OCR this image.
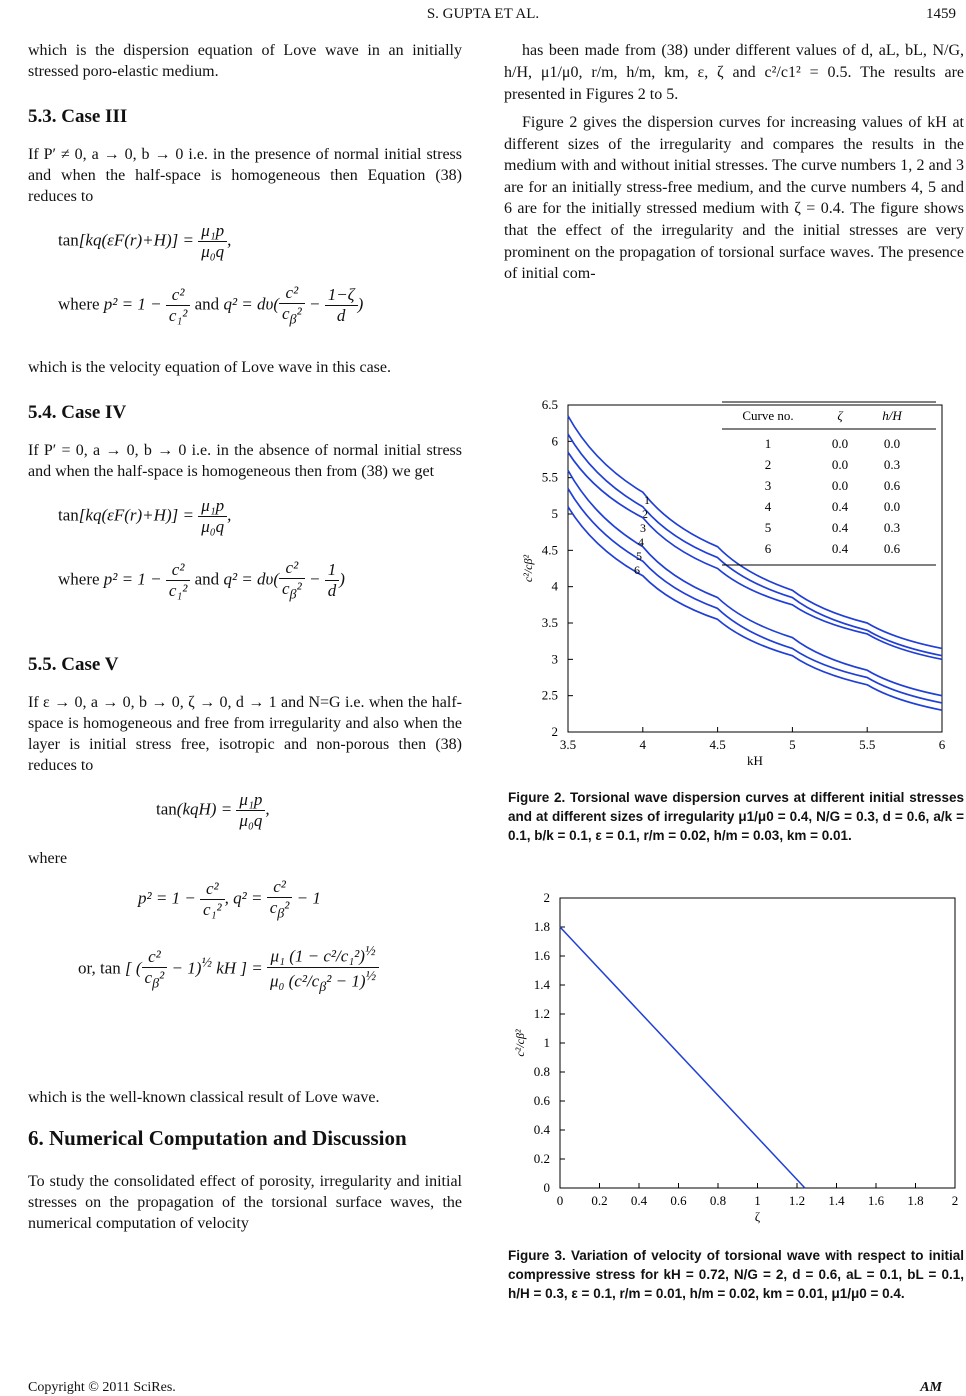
S. GUPTA ET AL.	1459

which is the dispersion equation of Love wave in an initially stressed poro-elastic medium.

5.3. Case III

If P′ ≠ 0, a → 0, b → 0 i.e. in the presence of normal initial stress and when the half-space is homogeneous then Equation (38) reduces to

$\tan[kq(\varepsilon F(r)+H)] = \frac{\text{μ₁p}}{\text{μ₀q}}$ ,
where $p^2 = 1 - \frac{\text{c²}}{\text{c₁²}}$ and $q^2 = d\upsilon( \frac{\text{c²}}{c_\beta^2} - \frac{1-\zeta}{d}$ )

which is the velocity equation of Love wave in this case.

5.4. Case IV

If P′ = 0, a → 0, b → 0 i.e. in the absence of normal initial stress and when the half-space is homogeneous then from (38) we get

$\tan[kq(\varepsilon F(r)+H)] = \frac{\text{μ₁p}}{\text{μ₀q}}$ ,
where $p^2 = 1 - \frac{\text{c²}}{\text{c₁²}}$ and $q^2 = d\upsilon( \frac{\text{c²}}{c_\beta^2} - \frac{1}{d}$ )
5.5. Case V

If ε → 0, a → 0, b → 0, ζ → 0, d → 1 and N=G i.e. when the half-space is homogeneous and free from irregularity and also when the layer is initial stress free, isotropic and non-porous then (38) reduces to

$\tan(kqH) = \frac{\text{μ₁p}}{\text{μ₀q}}$ ,

where

$p^2 = 1 - \frac{\text{c²}}{\text{c₁²}}$ , $q^2 = \frac{\text{c²}}{c_\beta^2} - 1$
or, tan [ ( $\frac{\text{c²}}{c_\beta^2} - 1)^{\frac{1}{2}}$ kH ] = $\frac{\mu_1 (1 - c^2/c_1^2)^{\frac{1}{2}}}{\mu_0 (c^2/c_\beta^2 - 1)^{\frac{1}{2}}}$

which is the well-known classical result of Love wave.

6. Numerical Computation and Discussion

To study the consolidated effect of porosity, irregularity and initial stresses on the propagation of the torsional surface waves, the numerical computation of velocity

has been made from (38) under different values of d, aL, bL, N/G, h/H, μ1/μ0, r/m, h/m, km, ε, ζ and c²/c1² = 0.5. The results are presented in Figures 2 to 5.

Figure 2 gives the dispersion curves for increasing values of kH at different sizes of the irregularity and compares the results in the medium with and without initial stresses. The curve numbers 1, 2 and 3 are for an initially stress-free medium, and the curve numbers 4, 5 and 6 are for the initially stressed medium with ζ = 0.4. The figure shows that the effect of the irregularity and the initial stresses are very prominent on the propagation of torsional surface waves. The presence of initial com-

3.5	4	4.5	5	5.5	6
2
2.5
3
3.5
4
4.5
5
5.5
6
6.5
kH
c²/cβ²
1
2
3
4
5
6
Curve no.	ζ	h/H
1	0.0	0.0
2	0.0	0.3
3	0.0	0.6
4	0.4	0.0
5	0.4	0.3
6	0.4	0.6
Figure 2. Torsional wave dispersion curves at different initial stresses and at different sizes of irregularity μ1/μ0 = 0.4, N/G = 0.3, d = 0.6, a/k = 0.1, b/k = 0.1, ε = 0.1, r/m = 0.02, h/m = 0.03, km = 0.01.
0 0.2 0.4 0.6 0.8 1 1.2 1.4 1.6 1.8 2
0
0.2
0.4
0.6
0.8
1
1.2
1.4
1.6
1.8
2
ζ
c²/cβ²
Figure 3. Variation of velocity of torsional wave with respect to initial compressive stress for kH = 0.72, N/G = 2, d = 0.6, aL = 0.1, bL = 0.1, h/H = 0.3, ε = 0.1, r/m = 0.01, h/m = 0.02, km = 0.01, μ1/μ0 = 0.4.
Copyright © 2011 SciRes.	AM
